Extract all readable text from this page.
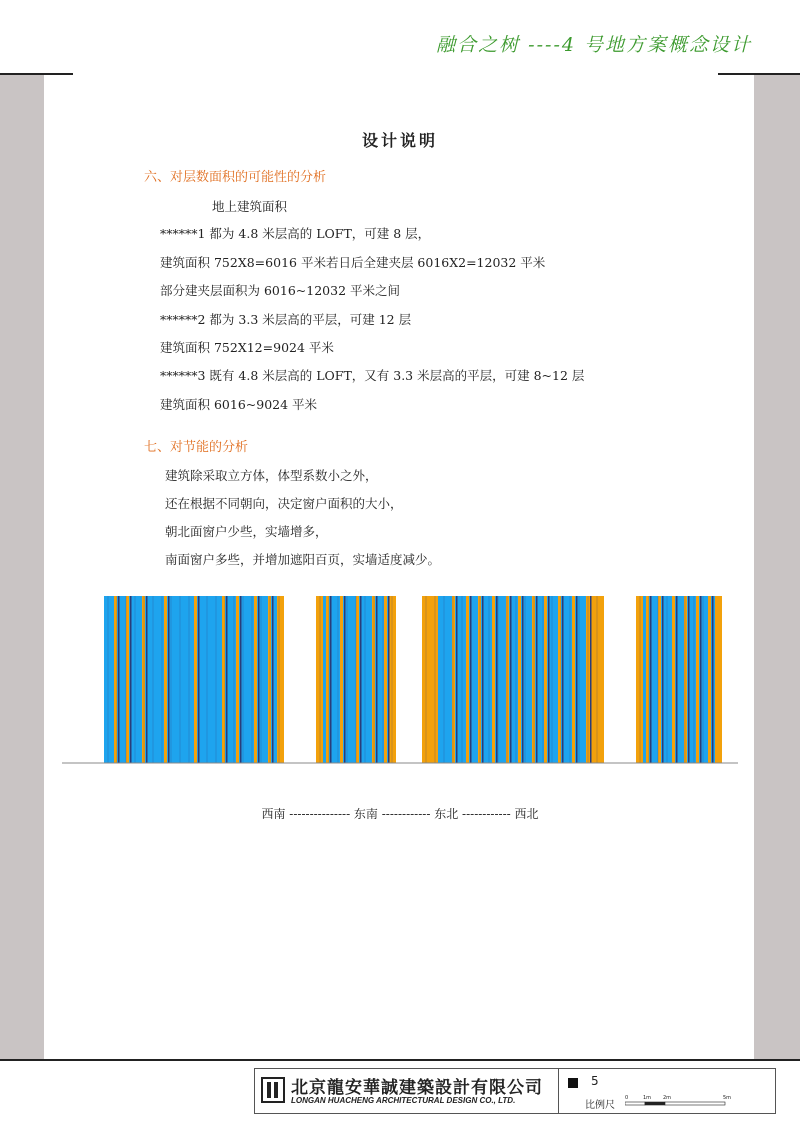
融合之树 ----4 号地方案概念设计
设计说明
六、对层数面积的可能性的分析
地上建筑面积
******1 都为 4.8 米层高的 LOFT，可建 8 层，
建筑面积 752X8=6016 平米若日后全建夹层 6016X2=12032 平米
部分建夹层面积为 6016~12032 平米之间
******2 都为 3.3 米层高的平层，可建 12 层
建筑面积 752X12=9024 平米
******3 既有 4.8 米层高的 LOFT，又有 3.3 米层高的平层，可建 8~12 层
建筑面积 6016~9024 平米
七、对节能的分析
建筑除采取立方体，体型系数小之外，
还在根据不同朝向，决定窗户面积的大小，
朝北面窗户少些，实墙增多，
南面窗户多些，并增加遮阳百页，实墙适度减少。
西南 --------------- 东南 ------------ 东北 ------------ 西北
北京龍安華誠建築設計有限公司
LONGAN HUACHENG ARCHITECTURAL DESIGN CO., LTD.
5
比例尺
0	1m 2m	5m
